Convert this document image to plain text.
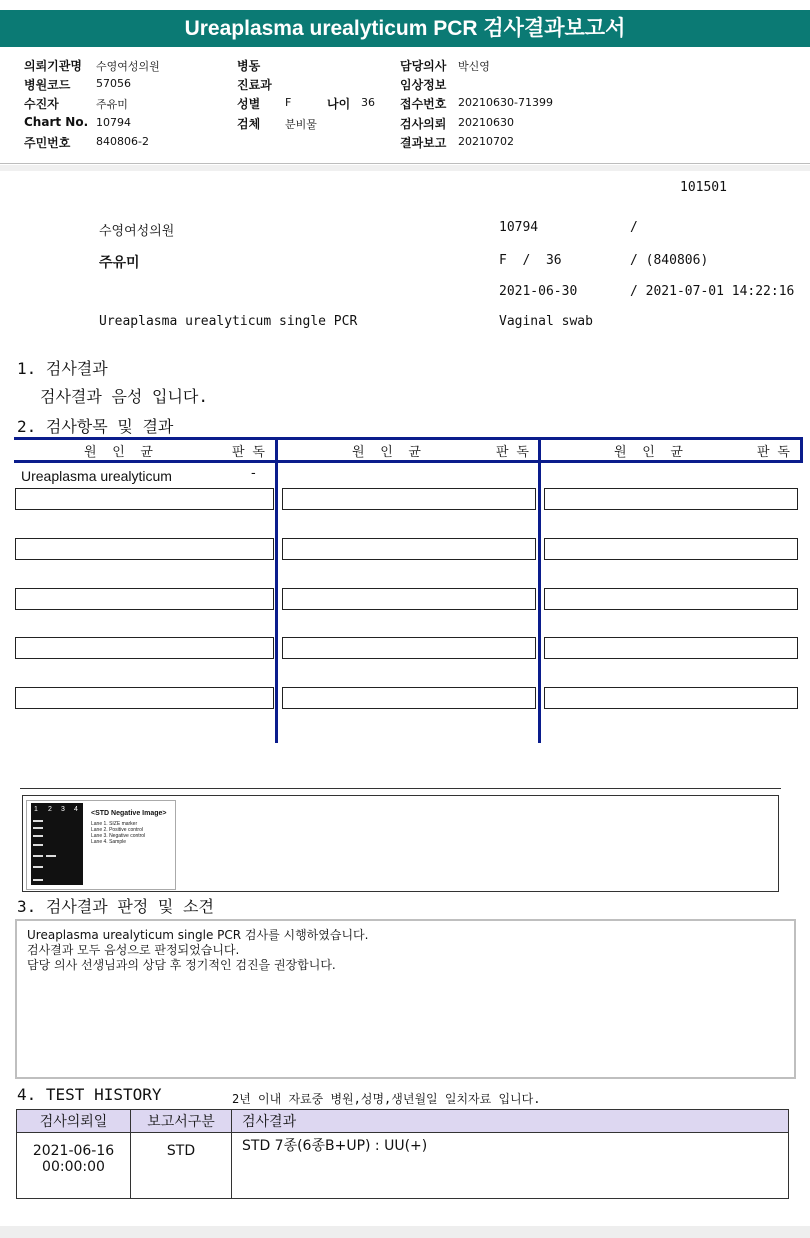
Ureaplasma urealyticum PCR 검사결과보고서
의뢰기관명 수영여성의원
병원코드 57056
수진자	주유미
Chart No. 10794
주민번호 840806-2
병동
진료과
성별 F	나이 36
검체 분비물
담당의사 박신영
임상정보
접수번호 20210630-71399
검사의뢰 20210630
결과보고 20210702
101501
수영여성의원	10794	/
주유미	F  /  36	/ (840806)
2021-06-30	/ 2021-07-01 14:22:16
Ureaplasma urealyticum single PCR	Vaginal swab
1. 검사결과
검사결과 음성 입니다.
2. 검사항목 및 결과
원  인  균	판 독	원  인  균	판 독	원  인  균	판 독
Ureaplasma urealyticum	-
1 2 3 4
<STD Negative Image>
Lane 1. SIZE marker
Lane 2. Positive control
Lane 3. Negative control
Lane 4. Sample
3. 검사결과 판정 및 소견
Ureaplasma urealyticum single PCR 검사를 시행하였습니다.
검사결과 모두 음성으로 판정되었습니다.
담당 의사 선생님과의 상담 후 정기적인 검진을 권장합니다.
4. TEST HISTORY	2년 이내 자료중 병원,성명,생년월일 일치자료 입니다.
검사의뢰일	보고서구분	검사결과

2021-06-16
00:00:00	STD	STD 7종(6종B+UP) : UU(+)
